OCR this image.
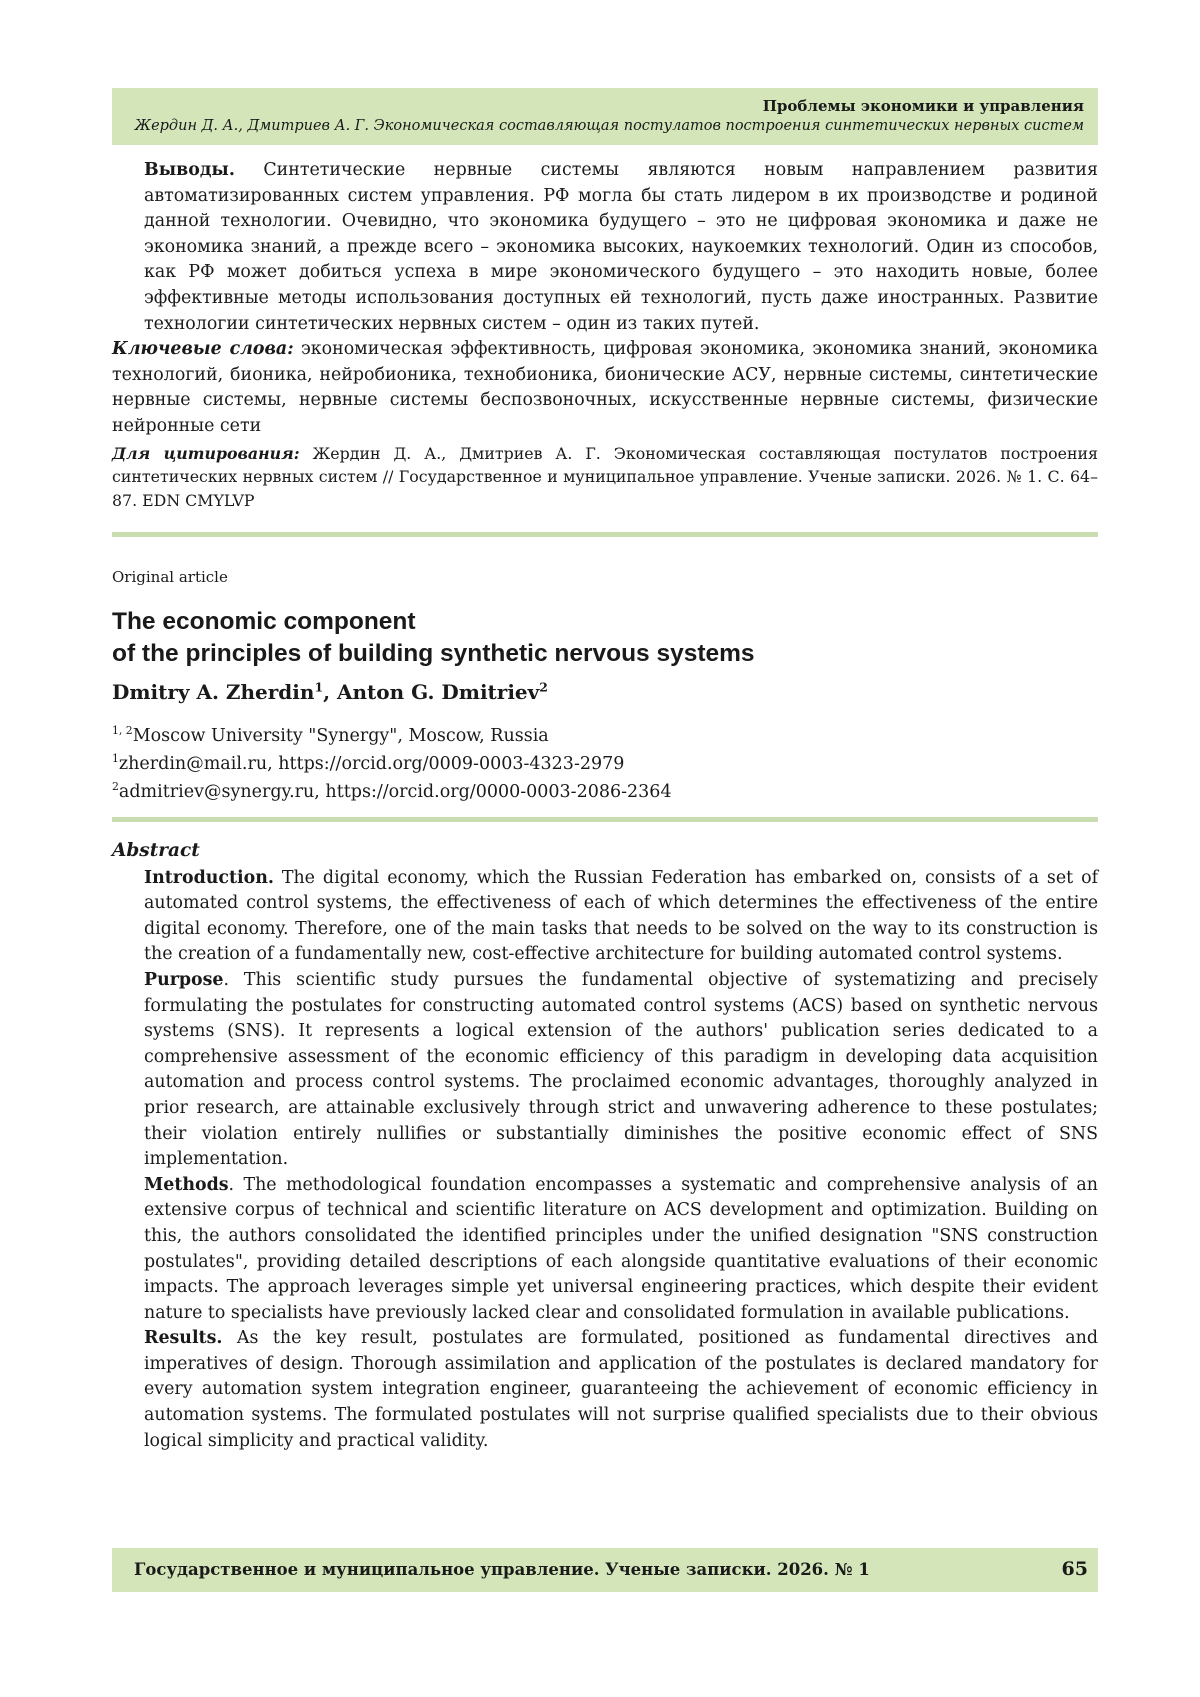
Проблемы экономики и управления
Жердин Д. А., Дмитриев А. Г. Экономическая составляющая постулатов построения синтетических нервных систем
Выводы. Синтетические нервные системы являются новым направлением развития автоматизированных систем управления. РФ могла бы стать лидером в их производстве и родиной данной технологии. Очевидно, что экономика будущего – это не цифровая экономика и даже не экономика знаний, а прежде всего – экономика высоких, наукоемких технологий. Один из способов, как РФ может добиться успеха в мире экономического будущего – это находить новые, более эффективные методы использования доступных ей технологий, пусть даже иностранных. Развитие технологии синтетических нервных систем – один из таких путей.
Ключевые слова: экономическая эффективность, цифровая экономика, экономика знаний, экономика технологий, бионика, нейробионика, технобионика, бионические АСУ, нервные системы, синтетические нервные системы, нервные системы беспозвоночных, искусственные нервные системы, физические нейронные сети
Для цитирования: Жердин Д. А., Дмитриев А. Г. Экономическая составляющая постулатов построения синтетических нервных систем // Государственное и муниципальное управление. Ученые записки. 2026. № 1. С. 64–87. EDN CMYLVP
Original article
The economic component
of the principles of building synthetic nervous systems
Dmitry A. Zherdin$^1$, Anton G. Dmitriev$^2$
$^{1, 2}$Moscow University "Synergy", Moscow, Russia
$^1$zherdin@mail.ru, https://orcid.org/0009-0003-4323-2979
$^2$admitriev@synergy.ru, https://orcid.org/0000-0003-2086-2364
Abstract

Introduction. The digital economy, which the Russian Federation has embarked on, consists of a set of automated control systems, the effectiveness of each of which determines the effectiveness of the entire digital economy. Therefore, one of the main tasks that needs to be solved on the way to its construction is the creation of a fundamentally new, cost-effective architecture for building automated control systems.

Purpose. This scientific study pursues the fundamental objective of systematizing and precisely formulating the postulates for constructing automated control systems (ACS) based on synthetic nervous systems (SNS). It represents a logical extension of the authors' publication series dedicated to a comprehensive assessment of the economic efficiency of this paradigm in developing data acquisition automation and process control systems. The proclaimed economic advantages, thoroughly analyzed in prior research, are attainable exclusively through strict and unwavering adherence to these postulates; their violation entirely nullifies or substantially diminishes the positive economic effect of SNS implementation.

Methods. The methodological foundation encompasses a systematic and comprehensive analysis of an extensive corpus of technical and scientific literature on ACS development and optimization. Building on this, the authors consolidated the identified principles under the unified designation "SNS construction postulates", providing detailed descriptions of each alongside quantitative evaluations of their economic impacts. The approach leverages simple yet universal engineering practices, which despite their evident nature to specialists have previously lacked clear and consolidated formulation in available publications.

Results. As the key result, postulates are formulated, positioned as fundamental directives and imperatives of design. Thorough assimilation and application of the postulates is declared mandatory for every automation system integration engineer, guaranteeing the achievement of economic efficiency in automation systems. The formulated postulates will not surprise qualified specialists due to their obvious logical simplicity and practical validity.

Государственное и муниципальное управление. Ученые записки. 2026. № 1	65
